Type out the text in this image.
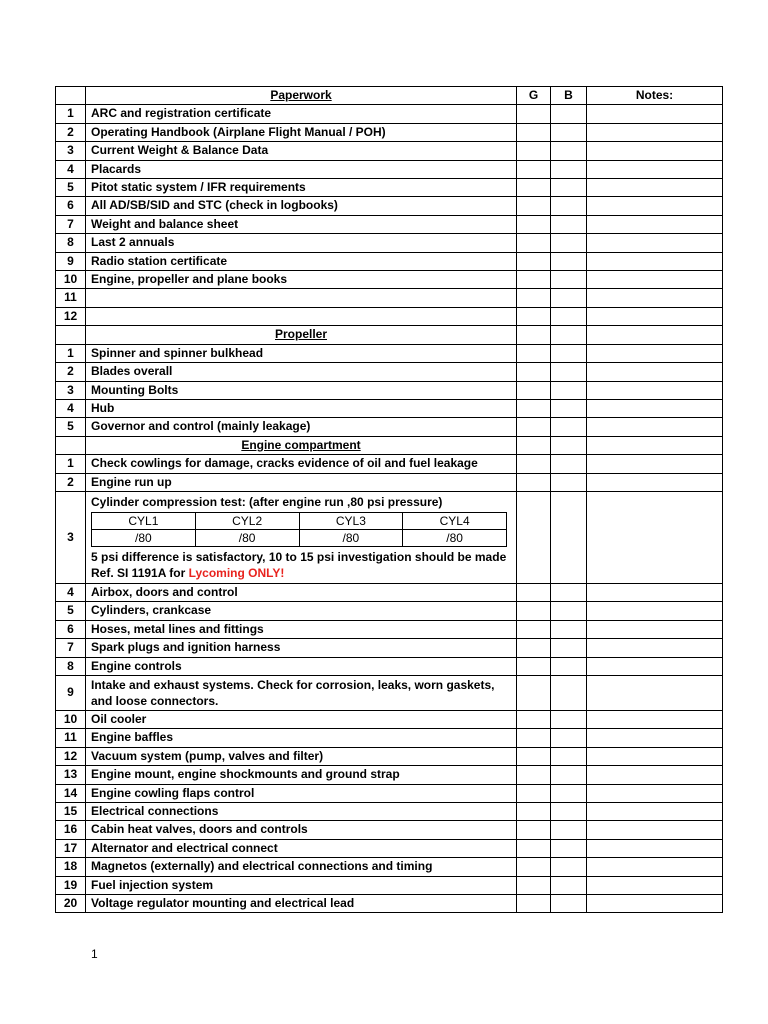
	Paperwork	G	B	Notes:
1	ARC and registration certificate			
2	Operating Handbook (Airplane Flight Manual / POH)			
3	Current Weight & Balance Data			
4	Placards			
5	Pitot static system / IFR requirements			
6	All AD/SB/SID and STC (check in logbooks)			
7	Weight and balance sheet			
8	Last 2 annuals			
9	Radio station certificate			
10	Engine, propeller and plane books			
11				
12				
	Propeller			
1	Spinner and spinner bulkhead			
2	Blades overall			
3	Mounting Bolts			
4	Hub			
5	Governor and control (mainly leakage)			
	Engine compartment			
1	Check cowlings for damage, cracks evidence of oil and fuel leakage			
2	Engine run up			
3	
Cylinder compression test: (after engine run ,80 psi pressure)
CYL1	CYL2	CYL3	CYL4
/80	/80	/80	/80
5 psi difference is satisfactory, 10 to 15 psi investigation should be made
Ref. SI 1191A for Lycoming ONLY!

4	Airbox, doors and control			
5	Cylinders, crankcase			
6	Hoses, metal lines and fittings			
7	Spark plugs and ignition harness			
8	Engine controls			
9	Intake and exhaust systems. Check for corrosion, leaks, worn gaskets, and loose connectors.			
10	Oil cooler			
11	Engine baffles			
12	Vacuum system (pump, valves and filter)			
13	Engine mount, engine shockmounts and ground strap			
14	Engine cowling flaps control			
15	Electrical connections			
16	Cabin heat valves, doors and controls			
17	Alternator and electrical connect			
18	Magnetos (externally) and electrical connections and timing			
19	Fuel injection system			
20	Voltage regulator mounting and electrical lead			
1
